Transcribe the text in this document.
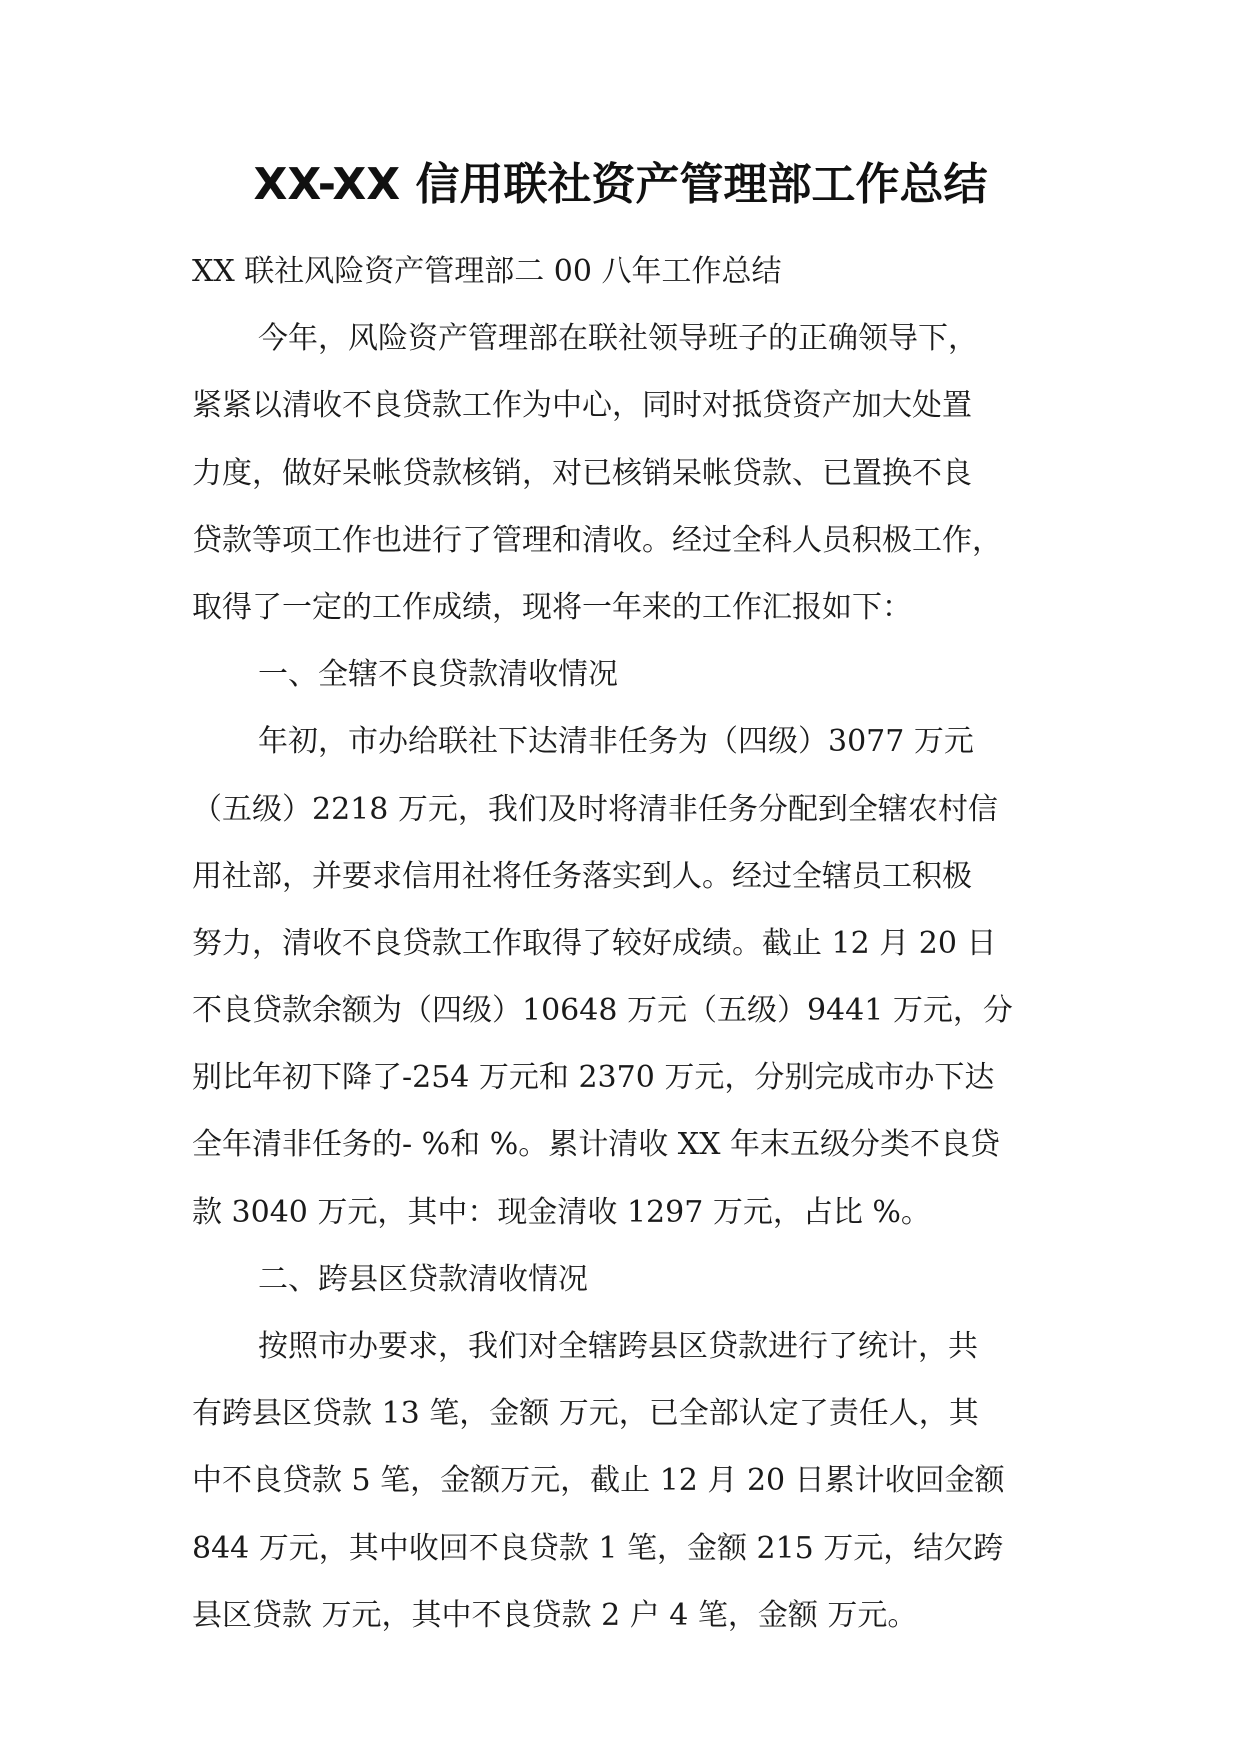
XX-XX 信用联社资产管理部工作总结
XX 联社风险资产管理部二 00 八年工作总结
今年，风险资产管理部在联社领导班子的正确领导下，
紧紧以清收不良贷款工作为中心，同时对抵贷资产加大处置
力度，做好呆帐贷款核销，对已核销呆帐贷款、已置换不良
贷款等项工作也进行了管理和清收。经过全科人员积极工作，
取得了一定的工作成绩，现将一年来的工作汇报如下：
一、全辖不良贷款清收情况
年初，市办给联社下达清非任务为（四级）3077 万元
（五级）2218 万元，我们及时将清非任务分配到全辖农村信
用社部，并要求信用社将任务落实到人。经过全辖员工积极
努力，清收不良贷款工作取得了较好成绩。截止 12 月 20 日
不良贷款余额为（四级）10648 万元（五级）9441 万元，分
别比年初下降了-254 万元和 2370 万元，分别完成市办下达
全年清非任务的- %和 %。累计清收 XX 年末五级分类不良贷
款 3040 万元，其中：现金清收 1297 万元，占比 %。
二、跨县区贷款清收情况
按照市办要求，我们对全辖跨县区贷款进行了统计，共
有跨县区贷款 13 笔，金额 万元，已全部认定了责任人，其
中不良贷款 5 笔，金额万元，截止 12 月 20 日累计收回金额
844 万元，其中收回不良贷款 1 笔，金额 215 万元，结欠跨
县区贷款 万元，其中不良贷款 2 户 4 笔，金额 万元。
